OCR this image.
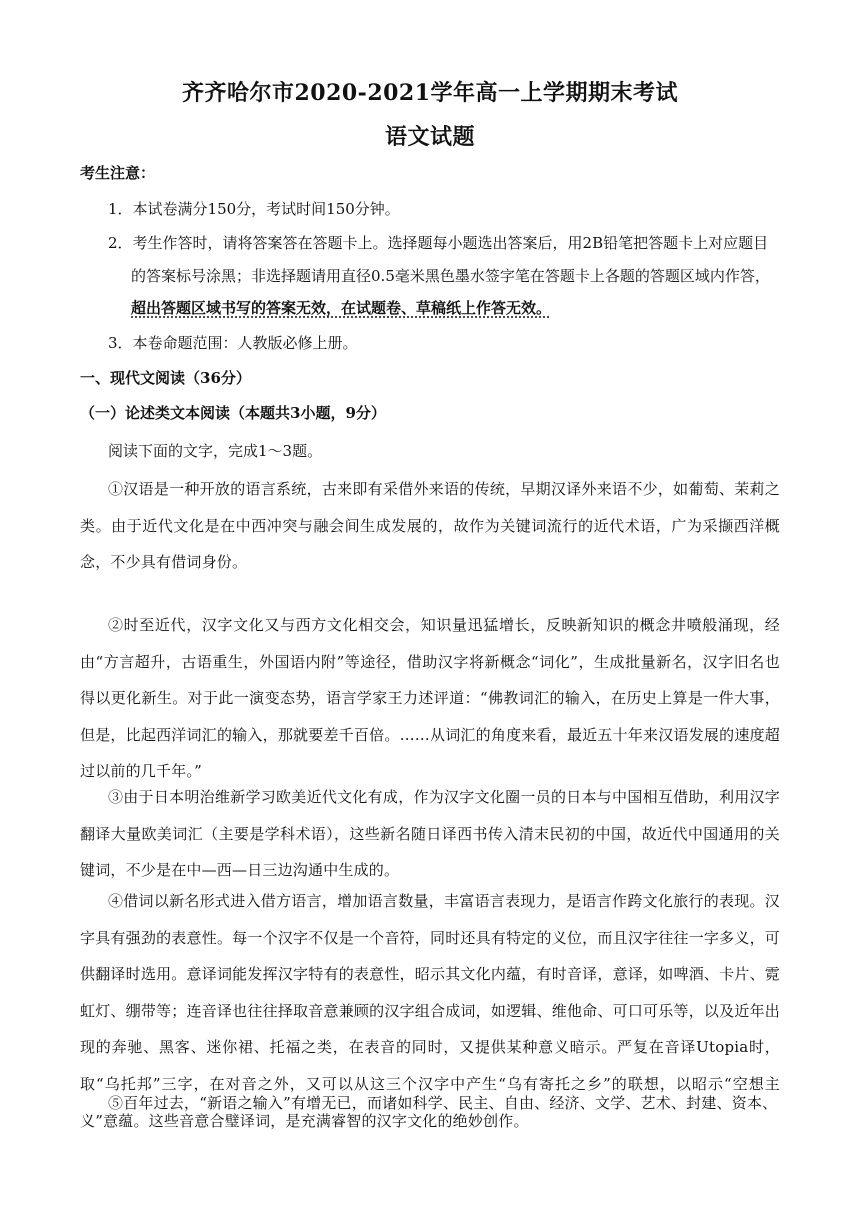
齐齐哈尔市2020-2021学年高一上学期期末考试
语文试题
考生注意：
1．本试卷满分150分，考试时间150分钟。
2．考生作答时，请将答案答在答题卡上。选择题每小题选出答案后，用2B铅笔把答题卡上对应题目
的答案标号涂黑；非选择题请用直径0.5毫米黑色墨水签字笔在答题卡上各题的答题区域内作答，
超出答题区域书写的答案无效，在试题卷、草稿纸上作答无效。
3．本卷命题范围：人教版必修上册。
一、现代文阅读（36分）
（一）论述类文本阅读（本题共3小题，9分）
阅读下面的文字，完成1～3题。
①汉语是一种开放的语言系统，古来即有采借外来语的传统，早期汉译外来语不少，如葡萄、茉莉之类。由于近代文化是在中西冲突与融会间生成发展的，故作为关键词流行的近代术语，广为采撷西洋概念，不少具有借词身份。
②时至近代，汉字文化又与西方文化相交会，知识量迅猛增长，反映新知识的概念井喷般涌现，经由“方言超升，古语重生，外国语内附”等途径，借助汉字将新概念“词化”，生成批量新名，汉字旧名也得以更化新生。对于此一演变态势，语言学家王力述评道：“佛教词汇的输入，在历史上算是一件大事，但是，比起西洋词汇的输入，那就要差千百倍。……从词汇的角度来看，最近五十年来汉语发展的速度超过以前的几千年。”
③由于日本明治维新学习欧美近代文化有成，作为汉字文化圈一员的日本与中国相互借助，利用汉字翻译大量欧美词汇（主要是学科术语），这些新名随日译西书传入清末民初的中国，故近代中国通用的关键词，不少是在中—西—日三边沟通中生成的。
④借词以新名形式进入借方语言，增加语言数量，丰富语言表现力，是语言作跨文化旅行的表现。汉字具有强劲的表意性。每一个汉字不仅是一个音符，同时还具有特定的义位，而且汉字往往一字多义，可供翻译时选用。意译词能发挥汉字特有的表意性，昭示其文化内蕴，有时音译，意译，如啤酒、卡片、霓虹灯、绷带等；连音译也往往择取音意兼顾的汉字组合成词，如逻辑、维他命、可口可乐等，以及近年出现的奔驰、黑客、迷你裙、托福之类，在表音的同时，又提供某种意义暗示。严复在音译Utopia时，取“乌托邦”三字，在对音之外，又可以从这三个汉字中产生“乌有寄托之乡”的联想，以昭示“空想主义”意蕴。这些音意合璧译词，是充满睿智的汉字文化的绝妙创作。
⑤百年过去，“新语之输入”有增无已，而诸如科学、民主、自由、经济、文学、艺术、封建、资本、
